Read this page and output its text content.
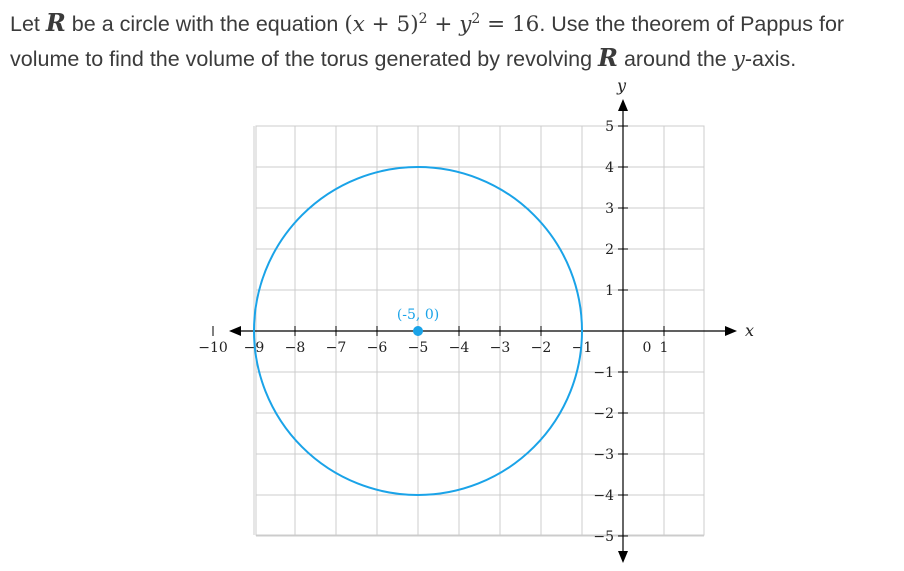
Let R be a circle with the equation $(x + 5)^2 + y^2 = 16$. Use the theorem of Pappus for volume to find the volume of the torus generated by revolving R around the y-axis.
x
y
−10 −9 −8 −7 −6 −5 −4 −3 −2 −1	1
5
4
3
2
1
−1
−2
−3
−4
−5
0
(-5, 0)
